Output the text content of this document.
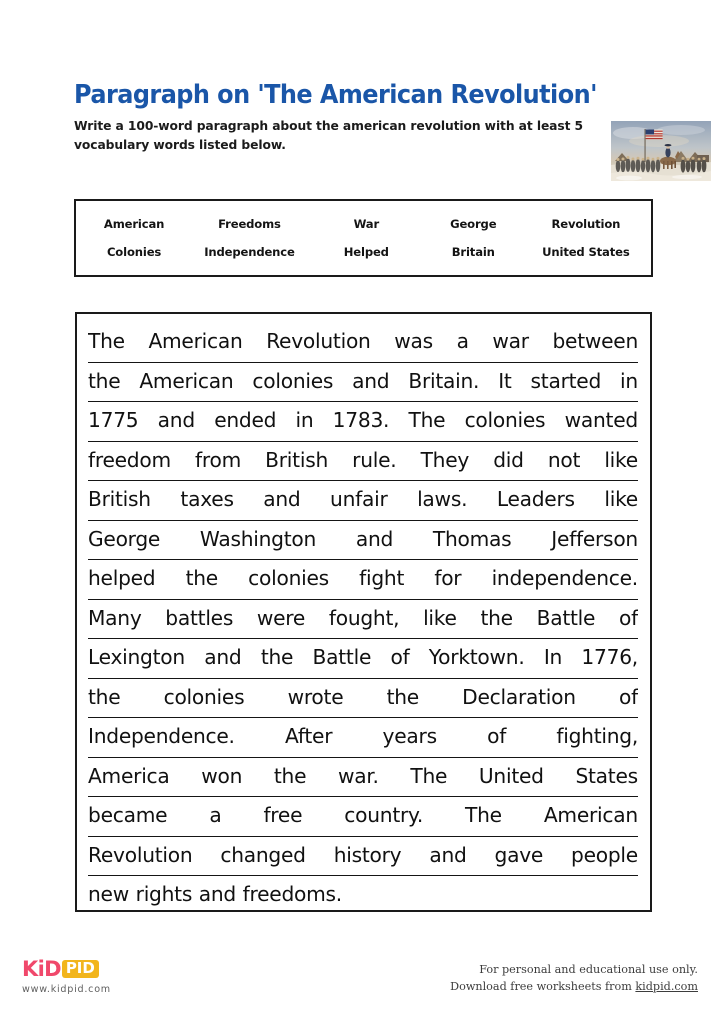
Paragraph on 'The American Revolution'
Write a 100-word paragraph about the american revolution with at least 5 vocabulary words listed below.
American	Freedoms	War	George	Revolution
Colonies	Independence	Helped	Britain	United States
The American Revolution was a war between
the American colonies and Britain. It started in
1775 and ended in 1783. The colonies wanted
freedom from British rule. They did not like
British taxes and unfair laws. Leaders like
George Washington and Thomas Jefferson
helped the colonies fight for independence.
Many battles were fought, like the Battle of
Lexington and the Battle of Yorktown. In 1776,
the colonies wrote the Declaration of
Independence. After years of fighting,
America won the war. The United States
became a free country. The American
Revolution changed history and gave people
new rights and freedoms.
KiD PID
www.kidpid.com
For personal and educational use only.
Download free worksheets from kidpid.com
